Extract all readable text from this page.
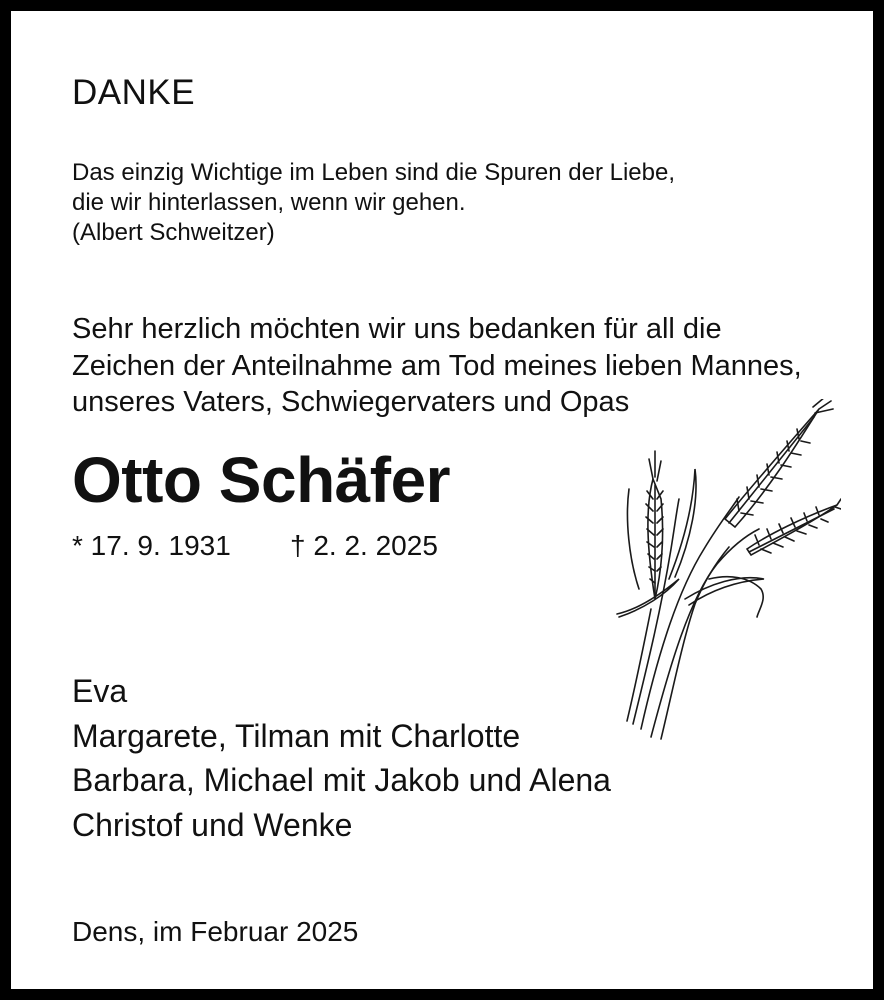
DANKE
Das einzig Wichtige im Leben sind die Spuren der Liebe,
die wir hinterlassen, wenn wir gehen.
(Albert Schweitzer)
Sehr herzlich möchten wir uns bedanken für all die
Zeichen der Anteilnahme am Tod meines lieben Mannes,
unseres Vaters, Schwiegervaters und Opas
Otto Schäfer
* 17. 9. 1931 † 2. 2. 2025
Eva
Margarete, Tilman mit Charlotte
Barbara, Michael mit Jakob und Alena
Christof und Wenke
Dens, im Februar 2025
